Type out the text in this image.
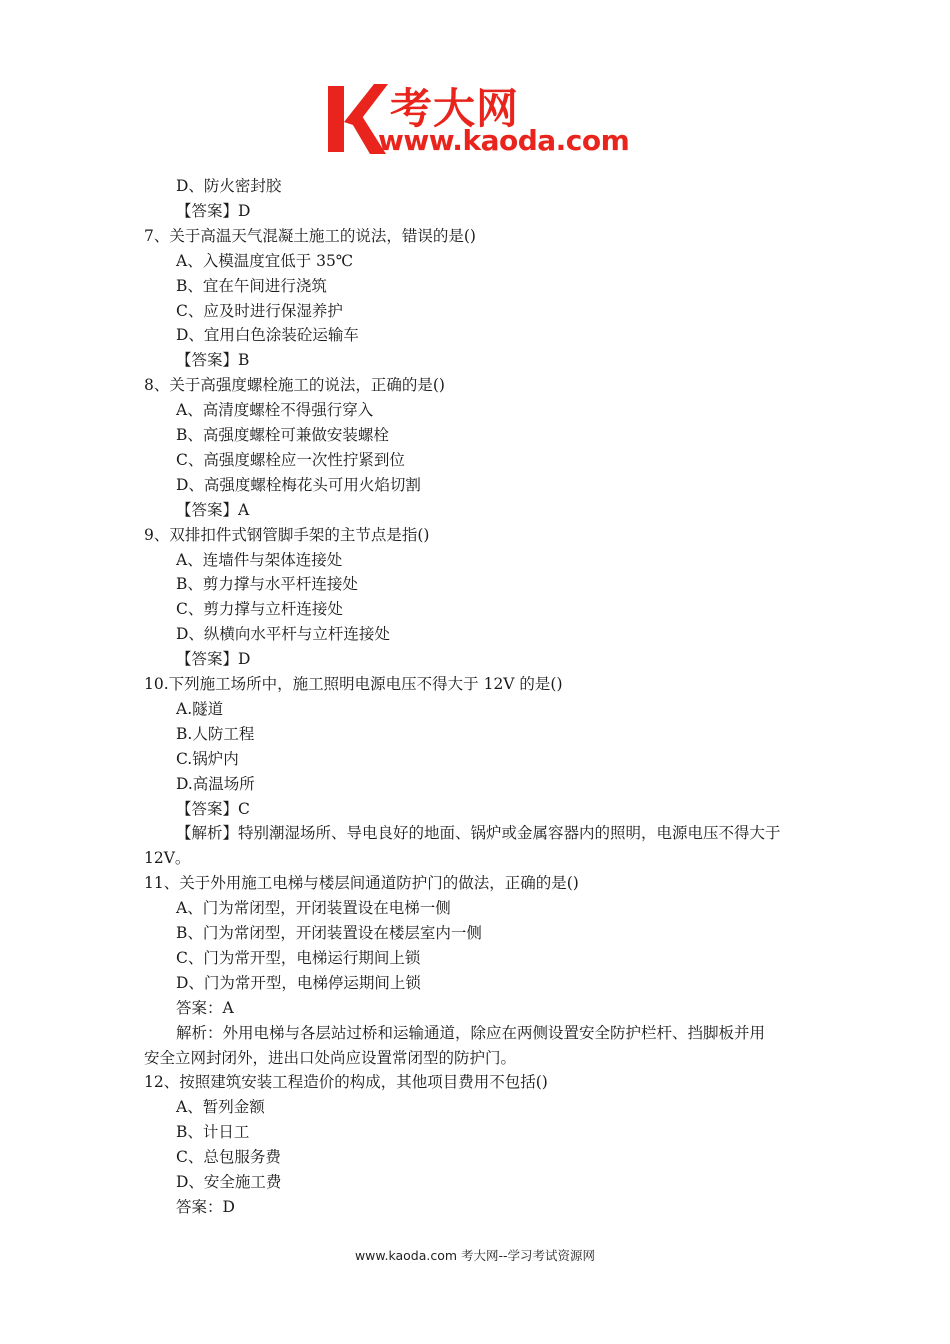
考大网
www.kaoda.com
D、防火密封胶
【答案】D
7、关于高温天气混凝土施工的说法，错误的是()
A、入模温度宜低于 35℃
B、宜在午间进行浇筑
C、应及时进行保湿养护
D、宜用白色涂装砼运输车
【答案】B
8、关于高强度螺栓施工的说法，正确的是()
A、高清度螺栓不得强行穿入
B、高强度螺栓可兼做安装螺栓
C、高强度螺栓应一次性拧紧到位
D、高强度螺栓梅花头可用火焰切割
【答案】A
9、双排扣件式钢管脚手架的主节点是指()
A、连墙件与架体连接处
B、剪力撑与水平杆连接处
C、剪力撑与立杆连接处
D、纵横向水平杆与立杆连接处
【答案】D
10.下列施工场所中，施工照明电源电压不得大于 12V 的是()
A.隧道
B.人防工程
C.锅炉内
D.高温场所
【答案】C
【解析】特别潮湿场所、导电良好的地面、锅炉或金属容器内的照明，电源电压不得大于
12V。
11、关于外用施工电梯与楼层间通道防护门的做法，正确的是()
A、门为常闭型，开闭装置设在电梯一侧
B、门为常闭型，开闭装置设在楼层室内一侧
C、门为常开型，电梯运行期间上锁
D、门为常开型，电梯停运期间上锁
答案：A
解析：外用电梯与各层站过桥和运输通道，除应在两侧设置安全防护栏杆、挡脚板并用
安全立网封闭外，进出口处尚应设置常闭型的防护门。
12、按照建筑安装工程造价的构成，其他项目费用不包括()
A、暂列金额
B、计日工
C、总包服务费
D、安全施工费
答案：D
www.kaoda.com 考大网--学习考试资源网
